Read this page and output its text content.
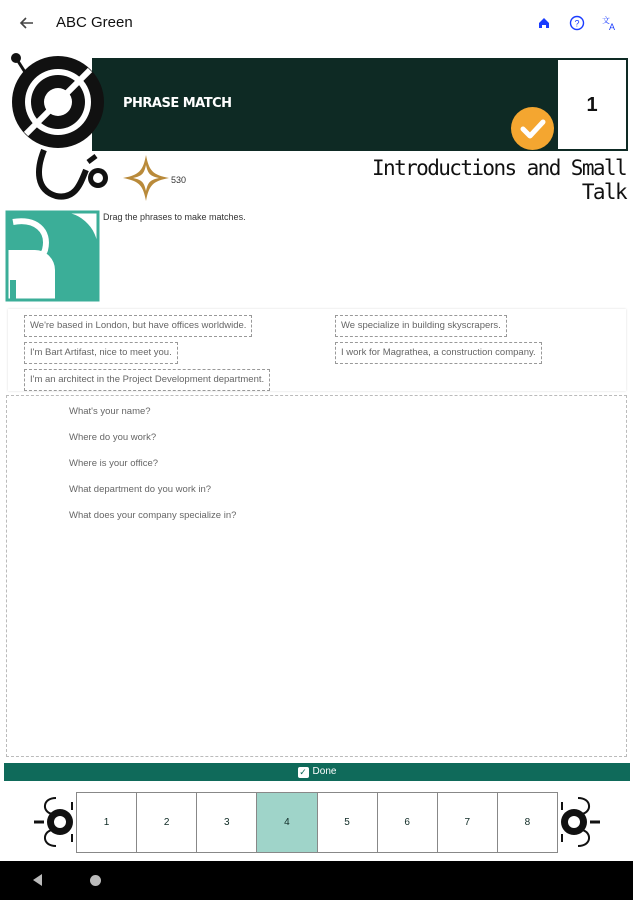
ABC Green	?	文
A
PHRASE MATCH	1
Introductions and Small Talk
530
Drag the phrases to make matches.
We're based in London, but have offices worldwide.
I'm Bart Artifast, nice to meet you.
I'm an architect in the Project Development department.
We specialize in building skyscrapers.
I work for Magrathea, a construction company.
What's your name?
Where do you work?
Where is your office?
What department do you work in?
What does your company specialize in?
✓ Done
1	2	3	4	5	6	7	8
